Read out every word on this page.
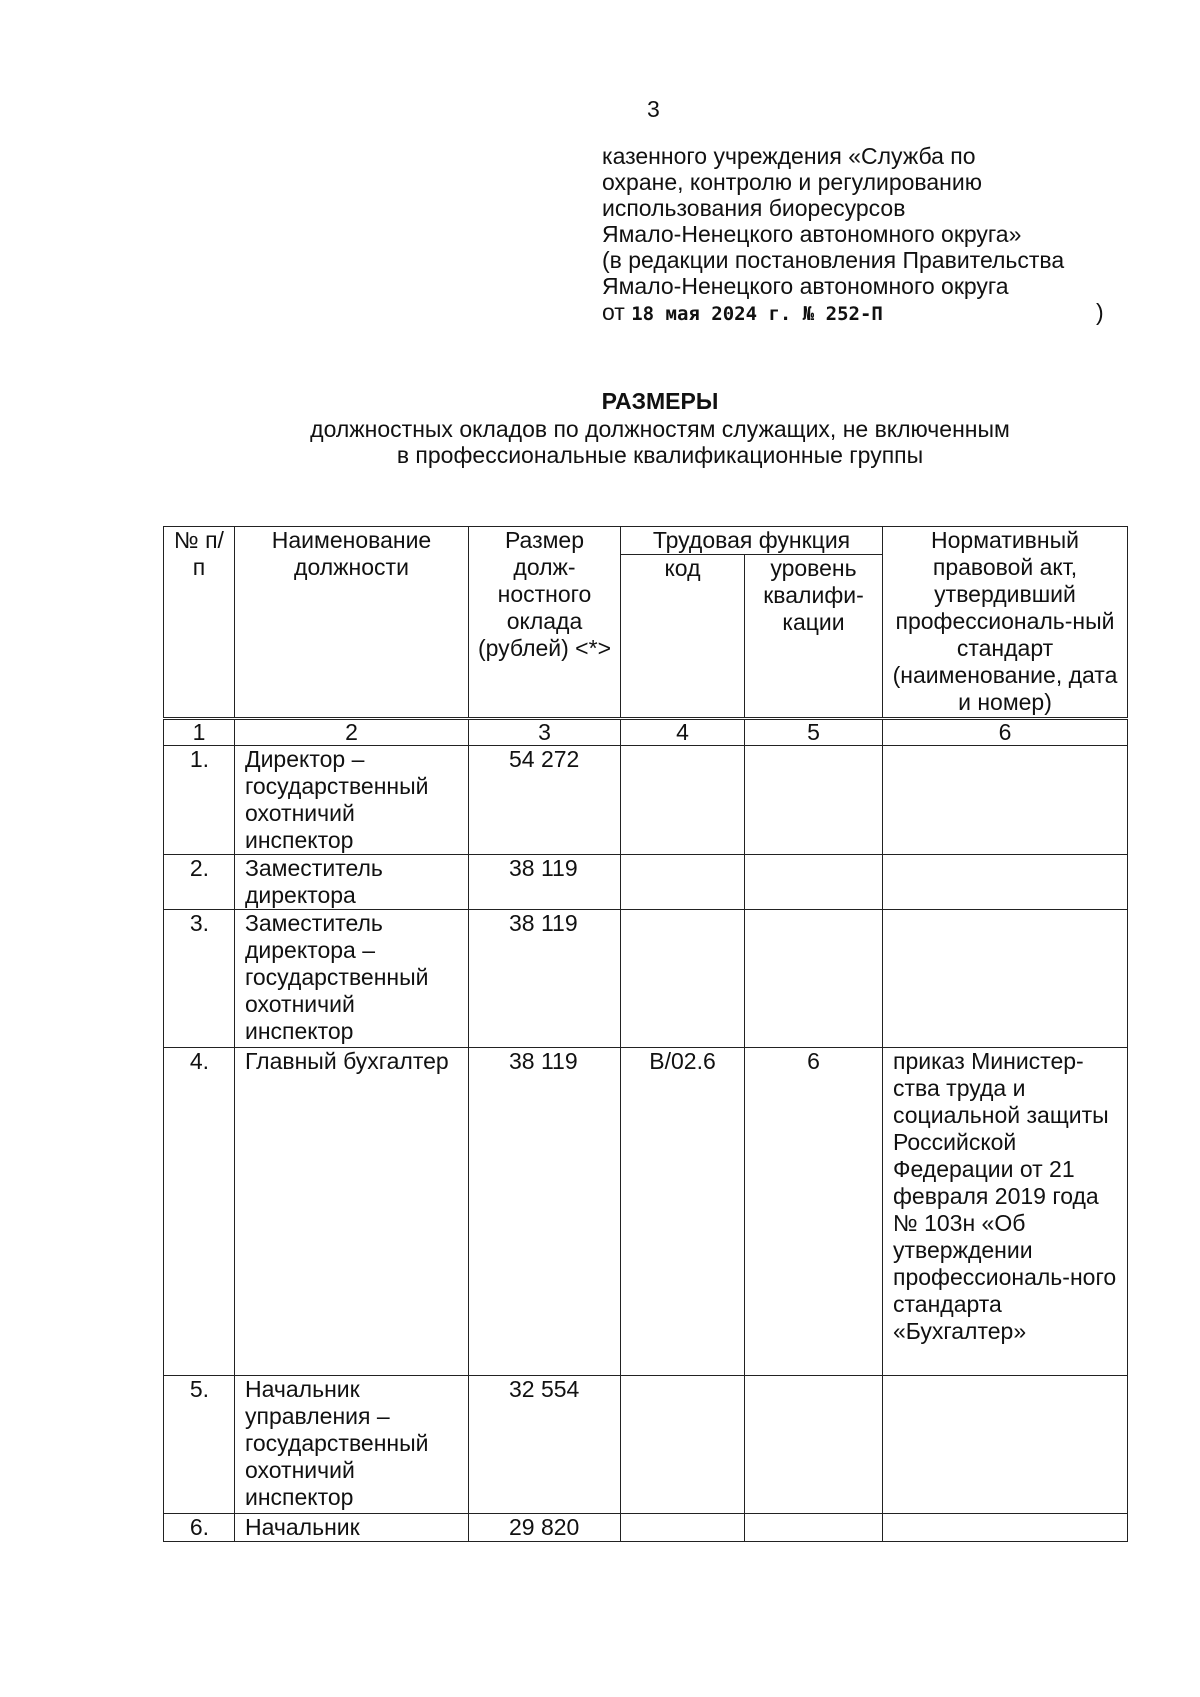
3
казенного учреждения «Служба по
охране, контролю и регулированию
использования биоресурсов
Ямало-Ненецкого автономного округа»
(в редакции постановления Правительства
Ямало-Ненецкого автономного округа
от 18 мая 2024 г. № 252-П	)
РАЗМЕРЫ
должностных окладов по должностям служащих, не включенным
в профессиональные квалификационные группы
№ п/п	Наименование должности	Размер долж-ностного оклада (рублей) <*>	Трудовая функция		Нормативный правовой акт, утвердивший профессиональ-ный стандарт (наименование, дата и номер)
			код	уровень квалифи-кации	
1	2	3	4	5	6
1.	Директор – государственный охотничий инспектор	54 272			
2.	Заместитель директора	38 119			
3.	Заместитель директора – государственный охотничий инспектор	38 119			
4.	Главный бухгалтер	38 119	B/02.6	6	приказ Министер-ства труда и социальной защиты Российской Федерации от 21 февраля 2019 года № 103н «Об утверждении профессиональ-ного стандарта «Бухгалтер»
5.	Начальник управления – государственный охотничий инспектор	32 554			
6.	Начальник	29 820			
